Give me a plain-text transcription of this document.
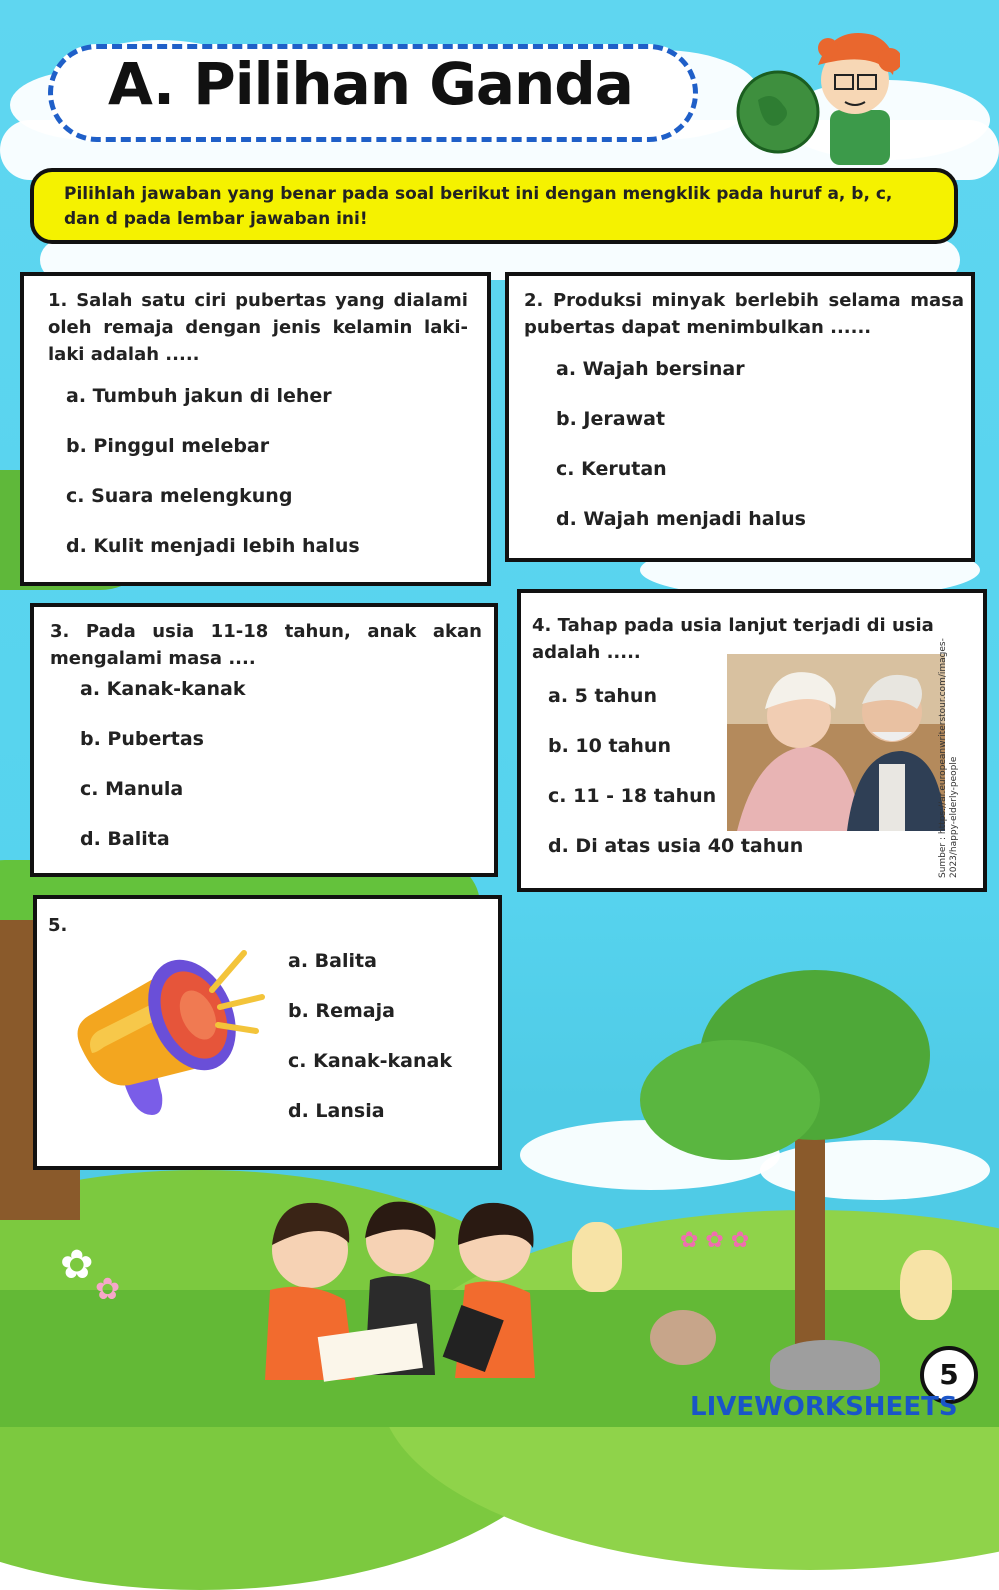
A. Pilihan Ganda
Pilihlah jawaban yang benar pada soal berikut ini dengan mengklik pada huruf a, b, c, dan d pada lembar jawaban ini!
1. Salah satu ciri pubertas yang dialami oleh remaja dengan jenis kelamin laki-laki adalah .....
a. Tumbuh jakun di leher
b. Pinggul melebar
c. Suara melengkung
d. Kulit menjadi lebih halus
2. Produksi minyak berlebih selama masa pubertas dapat menimbulkan ......
a. Wajah bersinar
b. Jerawat
c. Kerutan
d. Wajah menjadi halus
3. Pada usia 11-18 tahun, anak akan mengalami masa ....
a. Kanak-kanak
b. Pubertas
c. Manula
d. Balita
4. Tahap pada usia lanjut terjadi di usia adalah .....
a. 5 tahun
b. 10 tahun
c. 11 - 18 tahun
d. Di atas usia 40 tahun	Sumber : https://ar.europeanwriterstour.com/images-2023/happy-elderly-people
5.
a. Balita
b. Remaja
c. Kanak-kanak
d. Lansia
✿
✿
✿ ✿ ✿
5
LIVEWORKSHEETS
